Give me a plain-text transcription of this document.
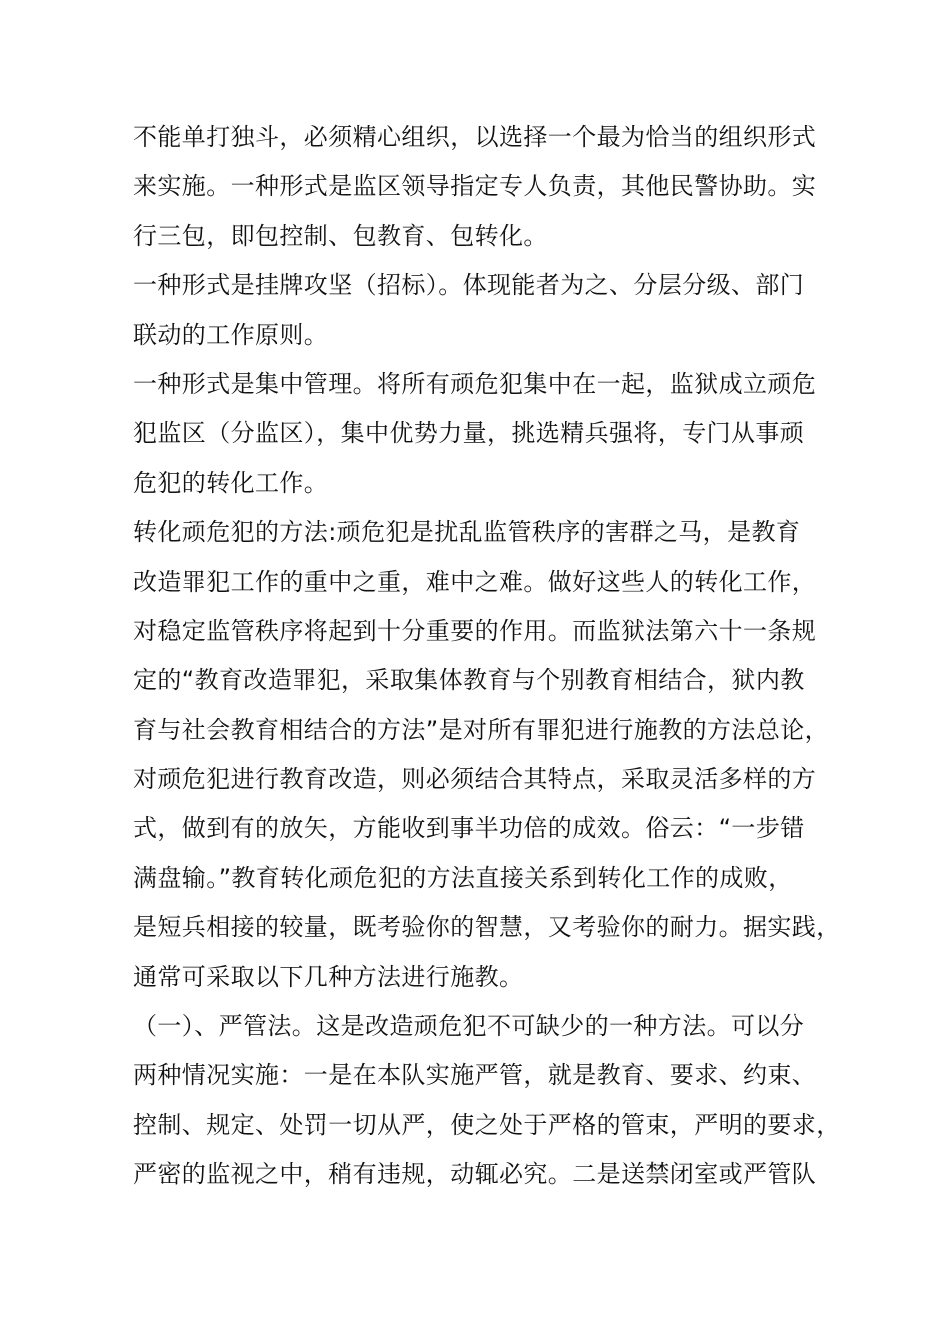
不能单打独斗，必须精心组织，以选择一个最为恰当的组织形式
来实施。一种形式是监区领导指定专人负责，其他民警协助。实
行三包，即包控制、包教育、包转化。
一种形式是挂牌攻坚（招标）。体现能者为之、分层分级、部门
联动的工作原则。
一种形式是集中管理。将所有顽危犯集中在一起，监狱成立顽危
犯监区（分监区），集中优势力量，挑选精兵强将，专门从事顽
危犯的转化工作。
转化顽危犯的方法:顽危犯是扰乱监管秩序的害群之马，是教育
改造罪犯工作的重中之重，难中之难。做好这些人的转化工作，
对稳定监管秩序将起到十分重要的作用。而监狱法第六十一条规
定的“教育改造罪犯，采取集体教育与个别教育相结合，狱内教
育与社会教育相结合的方法”是对所有罪犯进行施教的方法总论，
对顽危犯进行教育改造，则必须结合其特点，采取灵活多样的方
式，做到有的放矢，方能收到事半功倍的成效。俗云：“一步错
满盘输。”教育转化顽危犯的方法直接关系到转化工作的成败，
是短兵相接的较量，既考验你的智慧，又考验你的耐力。据实践，
通常可采取以下几种方法进行施教。
（一）、严管法。这是改造顽危犯不可缺少的一种方法。可以分
两种情况实施：一是在本队实施严管，就是教育、要求、约束、
控制、规定、处罚一切从严，使之处于严格的管束，严明的要求，
严密的监视之中，稍有违规，动辄必究。二是送禁闭室或严管队
